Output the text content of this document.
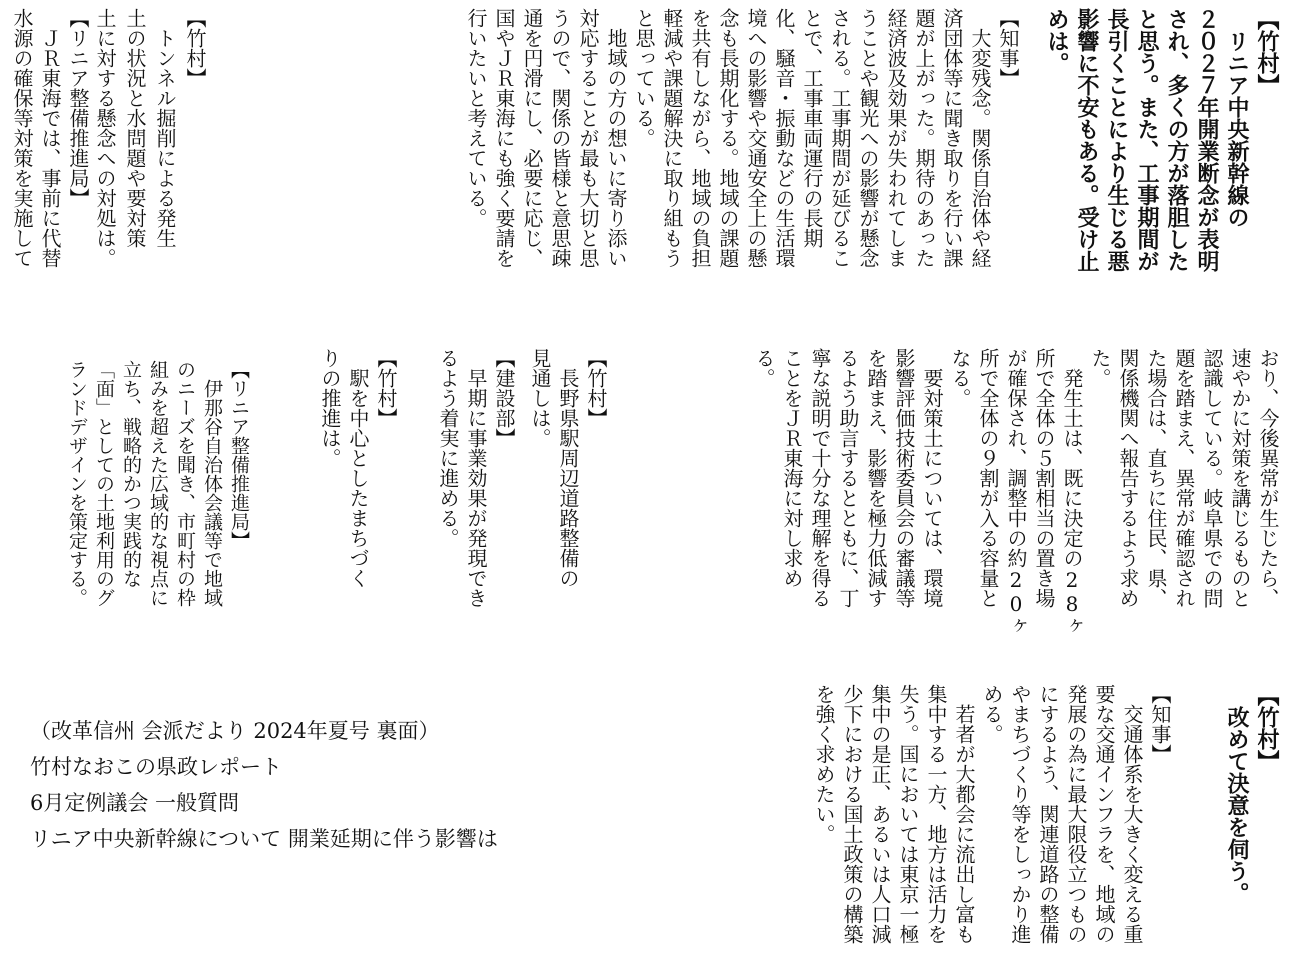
【竹村】
　リニア中央新幹線の
２０２７年開業断念が表明
され、多くの方が落胆した
と思う。また、工事期間が
長引くことにより生じる悪
影響に不安もある。受け止
めは。
【知事】
　大変残念。関係自治体や経
済団体等に聞き取りを行い課
題が上がった。期待のあった
経済波及効果が失われてしま
うことや観光への影響が懸念
される。工事期間が延びるこ
とで、工事車両運行の長期
化、騒音・振動などの生活環
境への影響や交通安全上の懸
念も長期化する。地域の課題
を共有しながら、地域の負担
軽減や課題解決に取り組もう
と思っている。
　地域の方の想いに寄り添い
対応することが最も大切と思
うので、関係の皆様と意思疎
通を円滑にし、必要に応じ、
国やＪＲ東海にも強く要請を
行いたいと考えている。
【竹村】
　トンネル掘削による発生
土の状況と水問題や要対策
土に対する懸念への対処は。
【リニア整備推進局】
　ＪＲ東海では、事前に代替
水源の確保等対策を実施して
おり、今後異常が生じたら、
速やかに対策を講じるものと
認識している。岐阜県での問
題を踏まえ、異常が確認され
た場合は、直ちに住民、県、
関係機関へ報告するよう求め
た。
　発生土は、既に決定の28ヶ
所で全体の５割相当の置き場
が確保され、調整中の約20ヶ
所で全体の９割が入る容量と
なる。
　要対策土については、環境
影響評価技術委員会の審議等
を踏まえ、影響を極力低減す
るよう助言するとともに、丁
寧な説明で十分な理解を得る
ことをＪＲ東海に対し求め
る。
【竹村】
　長野県駅周辺道路整備の
見通しは。
【建設部】
　早期に事業効果が発現でき
るよう着実に進める。
【竹村】
　駅を中心としたまちづく
りの推進は。
【リニア整備推進局】
　伊那谷自治体会議等で地域
のニーズを聞き、市町村の枠
組みを超えた広域的な視点に
立ち、戦略的かつ実践的な
「面」としての土地利用のグ
ランドデザインを策定する。
【竹村】
　改めて決意を伺う。
【知事】
　交通体系を大きく変える重
要な交通インフラを、地域の
発展の為に最大限役立つもの
にするよう、関連道路の整備
やまちづくり等をしっかり進
める。
　若者が大都会に流出し富も
集中する一方、地方は活力を
失う。国においては東京一極
集中の是正、あるいは人口減
少下における国土政策の構築
を強く求めたい。
（改革信州 会派だより 2024年夏号 裏面）
竹村なおこの県政レポート
6月定例議会 一般質問
リニア中央新幹線について 開業延期に伴う影響は
